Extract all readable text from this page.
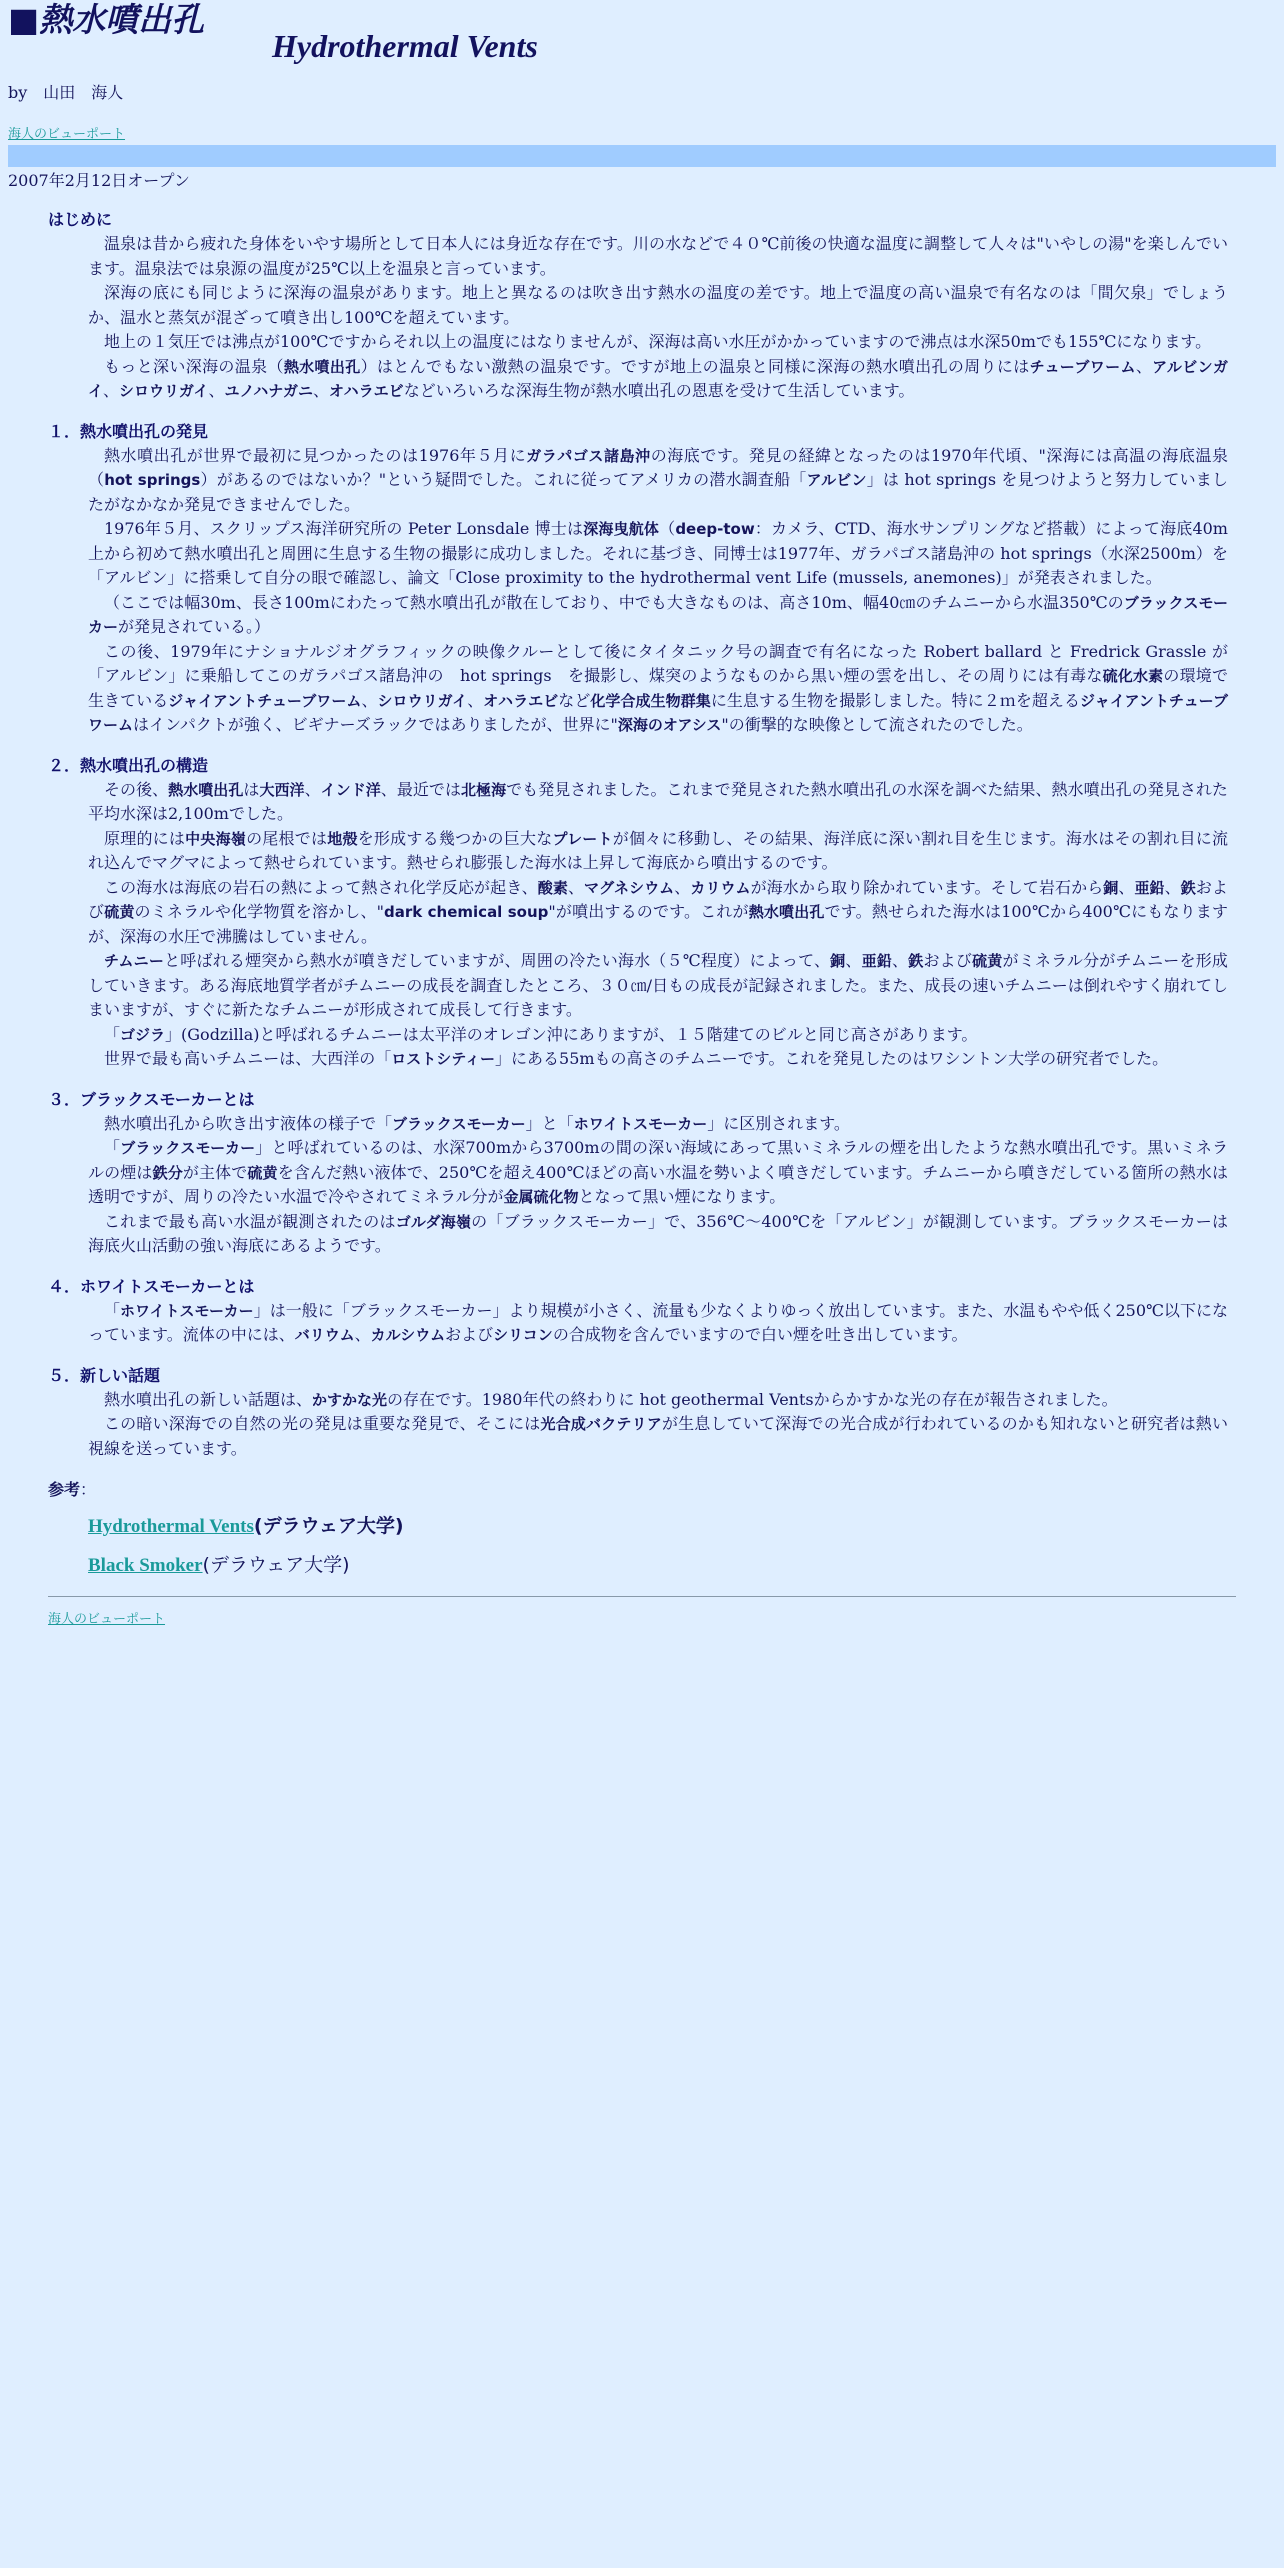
■熱水噴出孔
Hydrothermal Vents
by　山田　海人
海人のビューポート
2007年2月12日オープン
はじめに
温泉は昔から疲れた身体をいやす場所として日本人には身近な存在です。川の水などで４０℃前後の快適な温度に調整して人々は"いやしの湯"を楽しんでいます。温泉法では泉源の温度が25℃以上を温泉と言っています。
深海の底にも同じように深海の温泉があります。地上と異なるのは吹き出す熱水の温度の差です。地上で温度の高い温泉で有名なのは「間欠泉」でしょうか、温水と蒸気が混ざって噴き出し100℃を超えています。
地上の１気圧では沸点が100℃ですからそれ以上の温度にはなりませんが、深海は高い水圧がかかっていますので沸点は水深50mでも155℃になります。
もっと深い深海の温泉（熱水噴出孔）はとんでもない激熱の温泉です。ですが地上の温泉と同様に深海の熱水噴出孔の周りにはチューブワーム、アルビンガイ、シロウリガイ、ユノハナガニ、オハラエビなどいろいろな深海生物が熱水噴出孔の恩恵を受けて生活しています。
１．熱水噴出孔の発見
熱水噴出孔が世界で最初に見つかったのは1976年５月にガラパゴス諸島沖の海底です。発見の経緯となったのは1970年代頃、"深海には高温の海底温泉（hot springs）があるのではないか？"という疑問でした。これに従ってアメリカの潜水調査船「アルビン」は hot springs を見つけようと努力していましたがなかなか発見できませんでした。
1976年５月、スクリップス海洋研究所の Peter Lonsdale 博士は深海曳航体（deep-tow：カメラ、CTD、海水サンプリングなど搭載）によって海底40m上から初めて熱水噴出孔と周囲に生息する生物の撮影に成功しました。それに基づき、同博士は1977年、ガラパゴス諸島沖の hot springs（水深2500m）を「アルビン」に搭乗して自分の眼で確認し、論文「Close proximity to the hydrothermal vent Life (mussels, anemones)」が発表されました。
（ここでは幅30m、長さ100mにわたって熱水噴出孔が散在しており、中でも大きなものは、高さ10m、幅40㎝のチムニーから水温350℃のブラックスモーカーが発見されている。）
この後、1979年にナショナルジオグラフィックの映像クルーとして後にタイタニック号の調査で有名になった Robert ballard と Fredrick Grassle が「アルビン」に乗船してこのガラパゴス諸島沖の　hot springs　を撮影し、煤突のようなものから黒い煙の雲を出し、その周りには有毒な硫化水素の環境で生きているジャイアントチューブワーム、シロウリガイ、オハラエビなど化学合成生物群集に生息する生物を撮影しました。特に２ｍを超えるジャイアントチューブワームはインパクトが強く、ビギナーズラックではありましたが、世界に"深海のオアシス"の衝撃的な映像として流されたのでした。
２．熱水噴出孔の構造
その後、熱水噴出孔は大西洋、インド洋、最近では北極海でも発見されました。これまで発見された熱水噴出孔の水深を調べた結果、熱水噴出孔の発見された平均水深は2,100mでした。
原理的には中央海嶺の尾根では地殻を形成する幾つかの巨大なプレートが個々に移動し、その結果、海洋底に深い割れ目を生じます。海水はその割れ目に流れ込んでマグマによって熱せられています。熱せられ膨張した海水は上昇して海底から噴出するのです。
この海水は海底の岩石の熱によって熱され化学反応が起き、酸素、マグネシウム、カリウムが海水から取り除かれています。そして岩石から銅、亜鉛、鉄および硫黄のミネラルや化学物質を溶かし、"dark chemical soup"が噴出するのです。これが熱水噴出孔です。熱せられた海水は100℃から400℃にもなりますが、深海の水圧で沸騰はしていません。
チムニーと呼ばれる煙突から熱水が噴きだしていますが、周囲の冷たい海水（５℃程度）によって、銅、亜鉛、鉄および硫黄がミネラル分がチムニーを形成していきます。ある海底地質学者がチムニーの成長を調査したところ、３０㎝/日もの成長が記録されました。また、成長の速いチムニーは倒れやすく崩れてしまいますが、すぐに新たなチムニーが形成されて成長して行きます。
「ゴジラ」(Godzilla)と呼ばれるチムニーは太平洋のオレゴン沖にありますが、１５階建てのビルと同じ高さがあります。
世界で最も高いチムニーは、大西洋の「ロストシティー」にある55mもの高さのチムニーです。これを発見したのはワシントン大学の研究者でした。
３．ブラックスモーカーとは
熱水噴出孔から吹き出す液体の様子で「ブラックスモーカー」と「ホワイトスモーカー」に区別されます。
「ブラックスモーカー」と呼ばれているのは、水深700mから3700mの間の深い海域にあって黒いミネラルの煙を出したような熱水噴出孔です。黒いミネラルの煙は鉄分が主体で硫黄を含んだ熱い液体で、250℃を超え400℃ほどの高い水温を勢いよく噴きだしています。チムニーから噴きだしている箇所の熱水は透明ですが、周りの冷たい水温で冷やされてミネラル分が金属硫化物となって黒い煙になります。
これまで最も高い水温が観測されたのはゴルダ海嶺の「ブラックスモーカー」で、356℃～400℃を「アルビン」が観測しています。ブラックスモーカーは海底火山活動の強い海底にあるようです。
４．ホワイトスモーカーとは
「ホワイトスモーカー」は一般に「ブラックスモーカー」より規模が小さく、流量も少なくよりゆっく放出しています。また、水温もやや低く250℃以下になっています。流体の中には、バリウム、カルシウムおよびシリコンの合成物を含んでいますので白い煙を吐き出しています。
５．新しい話題
熱水噴出孔の新しい話題は、かすかな光の存在です。1980年代の終わりに hot geothermal Ventsからかすかな光の存在が報告されました。
この暗い深海での自然の光の発見は重要な発見で、そこには光合成バクテリアが生息していて深海での光合成が行われているのかも知れないと研究者は熱い視線を送っています。
参考：
Hydrothermal Vents(デラウェア大学)
Black Smoker(デラウェア大学)
海人のビューポート
